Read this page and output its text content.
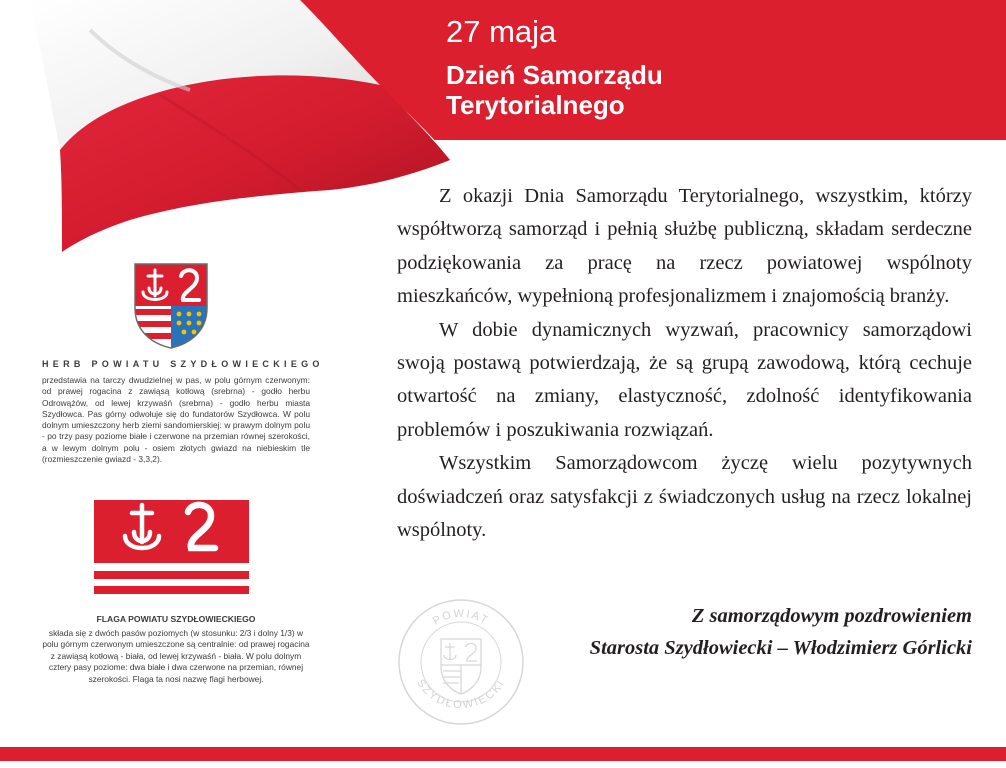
27 maja
Dzień Samorządu
Terytorialnego
HERB POWIATU SZYDŁOWIECKIEGO

przedstawia na tarczy dwudzielnej w pas, w polu górnym czerwonym: od prawej rogacina z zawiąsą kotłową (srebrna) - godło herbu Odrowążów, od lewej krzywaśń (srebrna) - godło herbu miasta Szydłowca. Pas górny odwołuje się do fundatorów Szydłowca. W polu dolnym umieszczony herb ziemi sandomierskiej: w prawym dolnym polu - po trzy pasy poziome białe i czerwone na przemian równej szerokości, a w lewym dolnym polu - osiem złotych gwiazd na niebieskim tle (rozmieszczenie gwiazd - 3,3,2).

FLAGA POWIATU SZYDŁOWIECKIEGO

składa się z dwóch pasów poziomych (w stosunku: 2/3 i dolny 1/3) w polu górnym czerwonym umieszczone są centralnie: od prawej rogacina z zawiąsą kotłową - biała, od lewej krzywaśń - biała. W polu dolnym cztery pasy poziome: dwa białe i dwa czerwone na przemian, równej szerokości. Flaga ta nosi nazwę flagi herbowej.

Z okazji Dnia Samorządu Terytorialnego, wszystkim, którzy współtworzą samorząd i pełnią służbę publiczną, składam serdeczne podziękowania za pracę na rzecz powiatowej wspólnoty mieszkańców, wypełnioną profesjonalizmem i znajomością branży.

W dobie dynamicznych wyzwań, pracownicy samorządowi swoją postawą potwierdzają, że są grupą zawodową, którą cechuje otwartość na zmiany, elastyczność, zdolność identyfikowania problemów i poszukiwania rozwiązań.

Wszystkim Samorządowcom życzę wielu pozytywnych doświadczeń oraz satysfakcji z świadczonych usług na rzecz lokalnej wspólnoty.

POWIAT
SZYDŁOWIECKI
Z samorządowym pozdrowieniem
Starosta Szydłowiecki – Włodzimierz Górlicki
